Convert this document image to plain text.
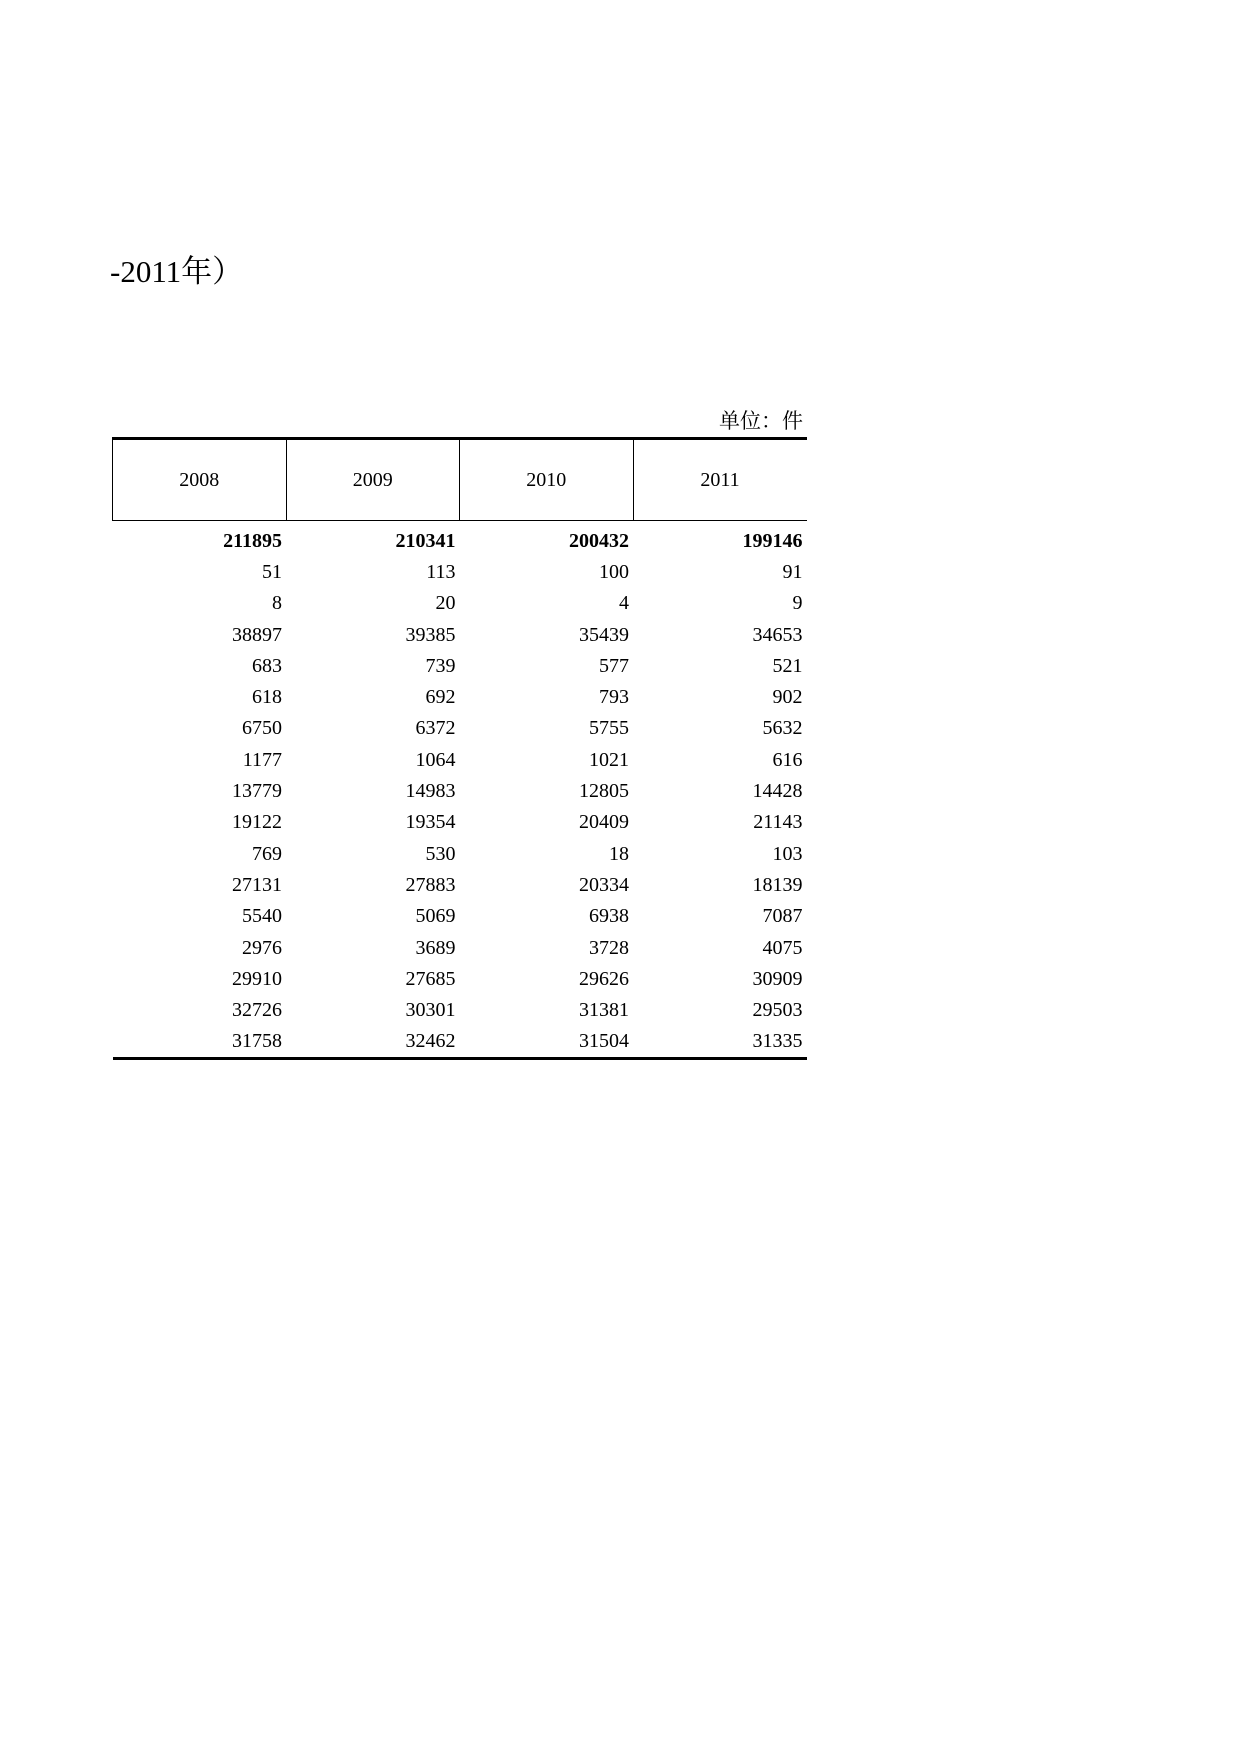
-2011年）
单位：件
2008	2009	2010	2011
211895	210341	200432	199146
51	113	100	91
8	20	4	9
38897	39385	35439	34653
683	739	577	521
618	692	793	902
6750	6372	5755	5632
1177	1064	1021	616
13779	14983	12805	14428
19122	19354	20409	21143
769	530	18	103
27131	27883	20334	18139
5540	5069	6938	7087
2976	3689	3728	4075
29910	27685	29626	30909
32726	30301	31381	29503
31758	32462	31504	31335
